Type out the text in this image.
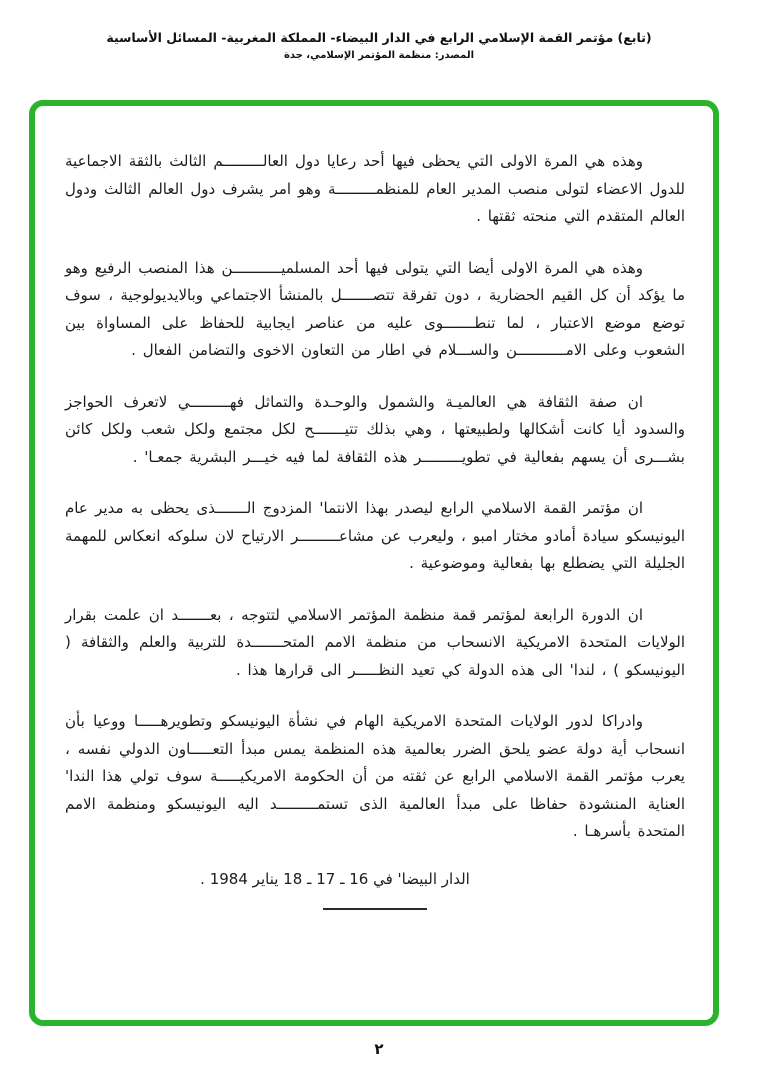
(تابع) مؤتمر القمة الإسلامي الرابع في الدار البيضاء- المملكة المغربية- المسائل الأساسية
المصدر: منظمة المؤتمر الإسلامي، جدة

وهذه هي المرة الاولى التي يحظى فيها أحد رعايا دول العالـــــــــم الثالث بالثقة الاجماعية للدول الاعضاء لتولى منصب المدير العام للمنظمـــــــــة وهو امر يشرف دول العالم الثالث ودول العالم المتقدم التي منحته ثقتها .

وهذه هي المرة الاولى أيضا التي يتولى فيها أحد المسلميـــــــــــن هذا المنصب الرفيع وهو ما يؤكد أن كل القيم الحضارية ، دون تفرقة تتصـــــــل بالمنشأ الاجتماعي وبالايديولوجية ، سوف توضع موضع الاعتبار ، لما تنطـــــــوى عليه من عناصر ايجابية للحفاظ على المساواة بين الشعوب وعلى الامـــــــــــن والســـلام في اطار من التعاون الاخوى والتضامن الفعال .

ان صفة الثقافة هي العالميـة والشمول والوحـدة والتماثل فهـــــــــي لاتعرف الحواجز والسدود أيا كانت أشكالها ولطبيعتها ، وهي بذلك تتيـــــــح لكل مجتمع ولكل شعب ولكل كائن بشـــرى أن يسهم بفعالية في تطويـــــــــر هذه الثقافة لما فيه خيـــر البشرية جمعـا' .

ان مؤتمر القمة الاسلامي الرابع ليصدر بهذا الانتما' المزدوج الـــــــذى يحظى به مدير عام اليونيسكو سيادة أمادو مختار امبو ، وليعرب عن مشاعـــــــــر الارتياح لان سلوكه انعكاس للمهمة الجليلة التي يضطلع بها بفعالية وموضوعية .

ان الدورة الرابعة لمؤتمر قمة منظمة المؤتمر الاسلامي لتتوجه ، بعـــــــد ان علمت بقرار الولايات المتحدة الامريكية الانسحاب من منظمة الامم المتحـــــــدة للتربية والعلم والثقافة ( اليونيسكو ) ، لندا' الى هذه الدولة كي تعيد النظـــــر الى قرارها هذا .

وادراكا لدور الولايات المتحدة الامريكية الهام في نشأة اليونيسكو وتطويرهـــــا ووعيا بأن انسحاب أية دولة عضو يلحق الضرر بعالمية هذه المنظمة يمس مبدأ التعـــــاون الدولي نفسه ، يعرب مؤتمر القمة الاسلامي الرابع عن ثقته من أن الحكومة الامريكيـــــة سوف تولي هذا الندا' العناية المنشودة حفاظا على مبدأ العالمية الذى تستمـــــــــد اليه اليونيسكو ومنظمة الامم المتحدة بأسرهـا .

الدار البيضا' في 16 ـ 17 ـ 18 يناير 1984 .
٢
